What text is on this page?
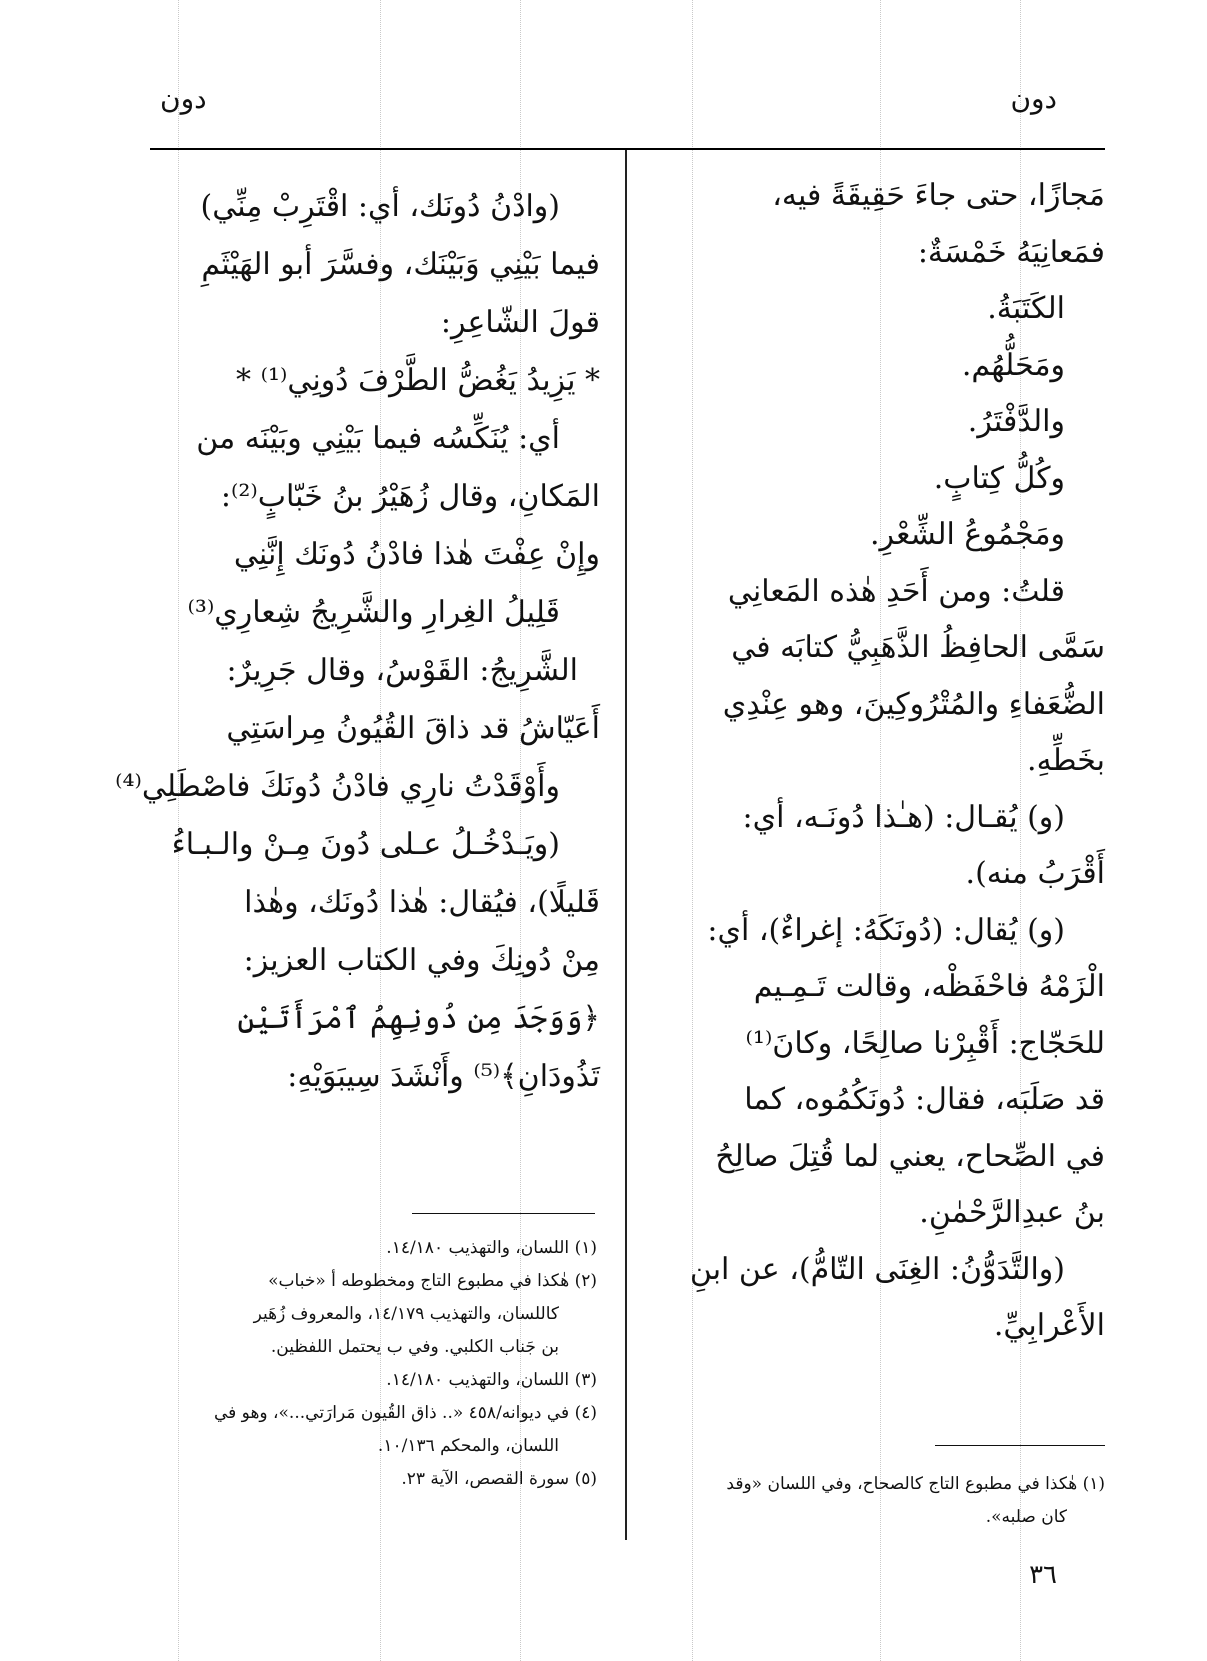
دون
دون

مَجازًا، حتى جاءَ حَقِيقَةً فيه،

فمَعانِيَهُ خَمْسَةٌ:

الكَتَبَةُ.

ومَحَلُّهُم.

والدَّفْتَرُ.

وكُلُّ كِتابٍ.

ومَجْمُوعُ الشِّعْرِ.

قلتُ: ومن أَحَدِ هٰذه المَعانِي

سَمَّى الحافِظُ الذَّهَبِيُّ كتابَه في

الضُّعَفاءِ والمُتْرُوكِينَ، وهو عِنْدِي

بخَطِّهِ.

(و) يُقـال: (هـٰذا دُونَـه، أي:

أَقْرَبُ منه).

(و) يُقال: (دُونَكَهُ: إغراءٌ)، أي:

الْزَمْهُ فاحْفَظْه، وقالت تَـمِـيم

للحَجّاج: أَقْبِرْنا صالِحًا، وكانَ⁽¹⁾

قد صَلَبَه، فقال: دُونَكُمُوه، كما

في الصِّحاح، يعني لما قُتِلَ صالِحُ

بنُ عبدِالرَّحْمٰنِ.

(والتَّدَوُّنُ: الغِنَى التّامُّ)، عن ابنِ

الأَعْرابِيِّ.

(وادْنُ دُونَك، أي: اقْتَرِبْ مِنِّي)

فيما بَيْنِي وَبَيْنَك، وفسَّرَ أبو الهَيْثَمِ

قولَ الشّاعِرِ:

* يَزِيدُ يَغُضُّ الطَّرْفَ دُونِي⁽¹⁾ *

أي: يُنَكِّسُه فيما بَيْنِي وبَيْنَه من

المَكانِ، وقال زُهَيْرُ بنُ خَبّابٍ⁽²⁾:

وإِنْ عِفْتَ هٰذا فادْنُ دُونَك إِنَّنِي

قَلِيلُ الغِرارِ والشَّرِيجُ شِعارِي⁽³⁾

الشَّرِيجُ: القَوْسُ، وقال جَرِيرٌ:

أَعَيّاشُ قد ذاقَ القُيُونُ مِراسَتِي

وأَوْقَدْتُ نارِي فادْنُ دُونَكَ فاصْطَلِي⁽⁴⁾

(ويَـدْخُـلُ عـلى دُونَ مِـنْ والـبـاءُ

قَليلًا)، فيُقال: هٰذا دُونَك، وهٰذا

مِنْ دُونِكَ وفي الكتاب العزيز:

﴿وَوَجَدَ مِن دُونِهِمُ ٱمْرَأَتَيْنِ

تَذُودَانِ﴾⁽⁵⁾ وأَنْشَدَ سِيبَوَيْهِ:

(١) هٰكذا في مطبوع التاج كالصحاح، وفي اللسان «وقد

كان صلبه».

(١) اللسان، والتهذيب ١٤/١٨٠.

(٢) هٰكذا في مطبوع التاج ومخطوطه أ «خباب»

كاللسان، والتهذيب ١٤/١٧٩، والمعروف زُهَير

بن جَناب الكلبي. وفي ب يحتمل اللفظين.

(٣) اللسان، والتهذيب ١٤/١٨٠.

(٤) في ديوانه/٤٥٨ «.. ذاق القُيون مَرارَتي...»، وهو في

اللسان، والمحكم ١٠/١٣٦.

(٥) سورة القصص، الآية ٢٣.

٣٦
